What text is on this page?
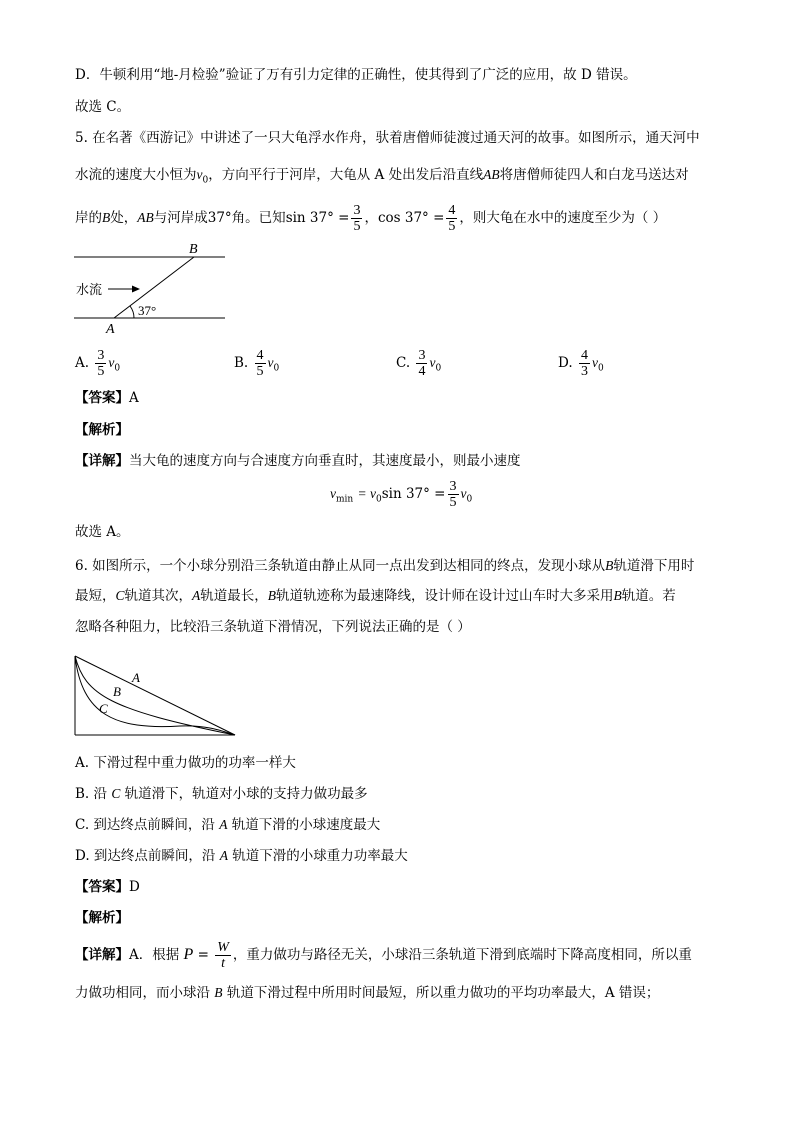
D．牛顿利用“地-月检验”验证了万有引力定律的正确性，使其得到了广泛的应用，故 D 错误。
故选 C。
5. 在名著《西游记》中讲述了一只大龟浮水作舟，驮着唐僧师徒渡过通天河的故事。如图所示，通天河中
水流的速度大小恒为$v_0$，方向平行于河岸，大龟从 A 处出发后沿直线AB将唐僧师徒四人和白龙马送达对
岸的B处，AB与河岸成37°角。已知$\sin 37^\circ = \frac{3}{5}$ ，$\cos 37^\circ = \frac{4}{5}$ ，则大龟在水中的速度至少为（ ）
B
A
水流
37°
A. $\frac{3}{5} v_0$	B. $\frac{4}{5} v_0$	C. $\frac{3}{4} v_0$	D. $\frac{4}{3} v_0$
【答案】A
【解析】
【详解】当大龟的速度方向与合速度方向垂直时，其速度最小，则最小速度
$v_{min} = v_0\sin$ $37^\circ = \frac{3}{5} v_0$
故选 A。
6. 如图所示，一个小球分别沿三条轨道由静止从同一点出发到达相同的终点，发现小球从B轨道滑下用时
最短，C轨道其次，A轨道最长，B轨道轨迹称为最速降线，设计师在设计过山车时大多采用B轨道。若
忽略各种阻力，比较沿三条轨道下滑情况，下列说法正确的是（ ）
A
B
C
A. 下滑过程中重力做功的功率一样大
B. 沿 C 轨道滑下，轨道对小球的支持力做功最多
C. 到达终点前瞬间，沿 A 轨道下滑的小球速度最大
D. 到达终点前瞬间，沿 A 轨道下滑的小球重力功率最大
【答案】D
【解析】
【详解】A．根据 $P = \frac{W}{t}$ ，重力做功与路径无关，小球沿三条轨道下滑到底端时下降高度相同，所以重
力做功相同，而小球沿 B 轨道下滑过程中所用时间最短，所以重力做功的平均功率最大，A 错误；
